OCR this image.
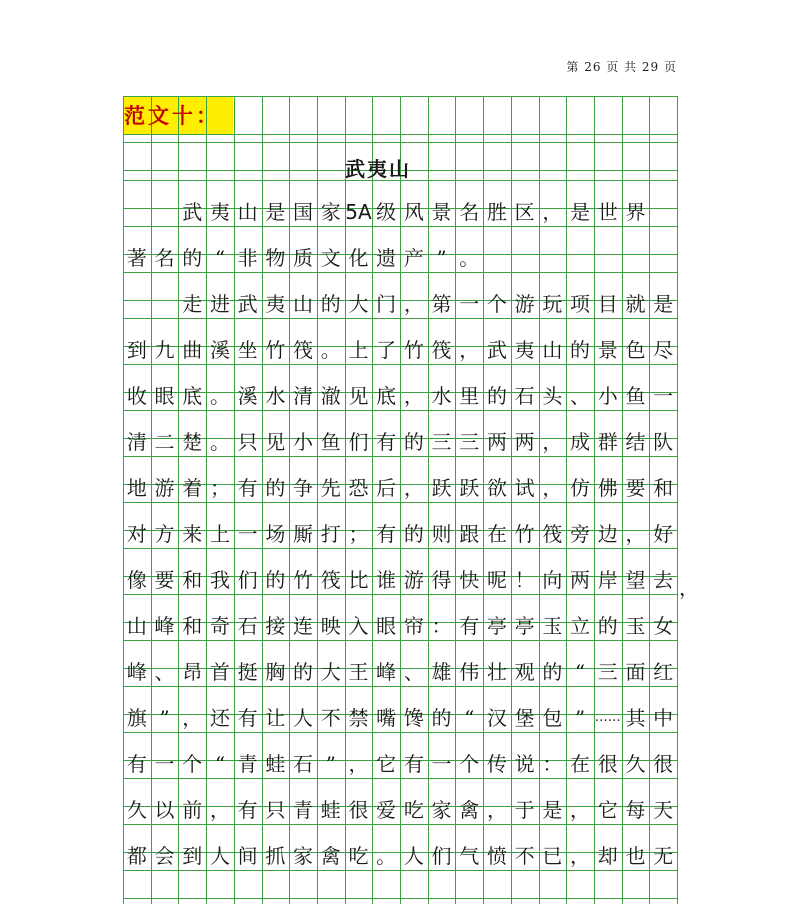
第 26 页 共 29 页
范文十：
武夷山
，
武 夷 山 是 国 家 5A 级 风 景 名 胜 区 ， 是 世 界
著 名 的 “ 非 物 质 文 化 遗 产 ” 。
走 进 武 夷 山 的 大 门 ， 第 一 个 游 玩 项 目 就 是
到 九 曲 溪 坐 竹 筏 。 上 了 竹 筏 ， 武 夷 山 的 景 色 尽
收 眼 底 。 溪 水 清 澈 见 底 ， 水 里 的 石 头 、 小 鱼 一
清 二 楚 。 只 见 小 鱼 们 有 的 三 三 两 两 ， 成 群 结 队
地 游 着 ； 有 的 争 先 恐 后 ， 跃 跃 欲 试 ， 仿 佛 要 和
对 方 来 上 一 场 厮 打 ； 有 的 则 跟 在 竹 筏 旁 边 ， 好
像 要 和 我 们 的 竹 筏 比 谁 游 得 快 呢 ！ 向 两 岸 望 去
山 峰 和 奇 石 接 连 映 入 眼 帘 ： 有 亭 亭 玉 立 的 玉 女
峰 、 昂 首 挺 胸 的 大 王 峰 、 雄 伟 壮 观 的 “ 三 面 红
旗 ” ， 还 有 让 人 不 禁 嘴 馋 的 “ 汉 堡 包 ” …… 其 中
有 一 个 “ 青 蛙 石 ” ， 它 有 一 个 传 说 ： 在 很 久 很
久 以 前 ， 有 只 青 蛙 很 爱 吃 家 禽 ， 于 是 ， 它 每 天
都 会 到 人 间 抓 家 禽 吃 。 人 们 气 愤 不 已 ， 却 也 无
